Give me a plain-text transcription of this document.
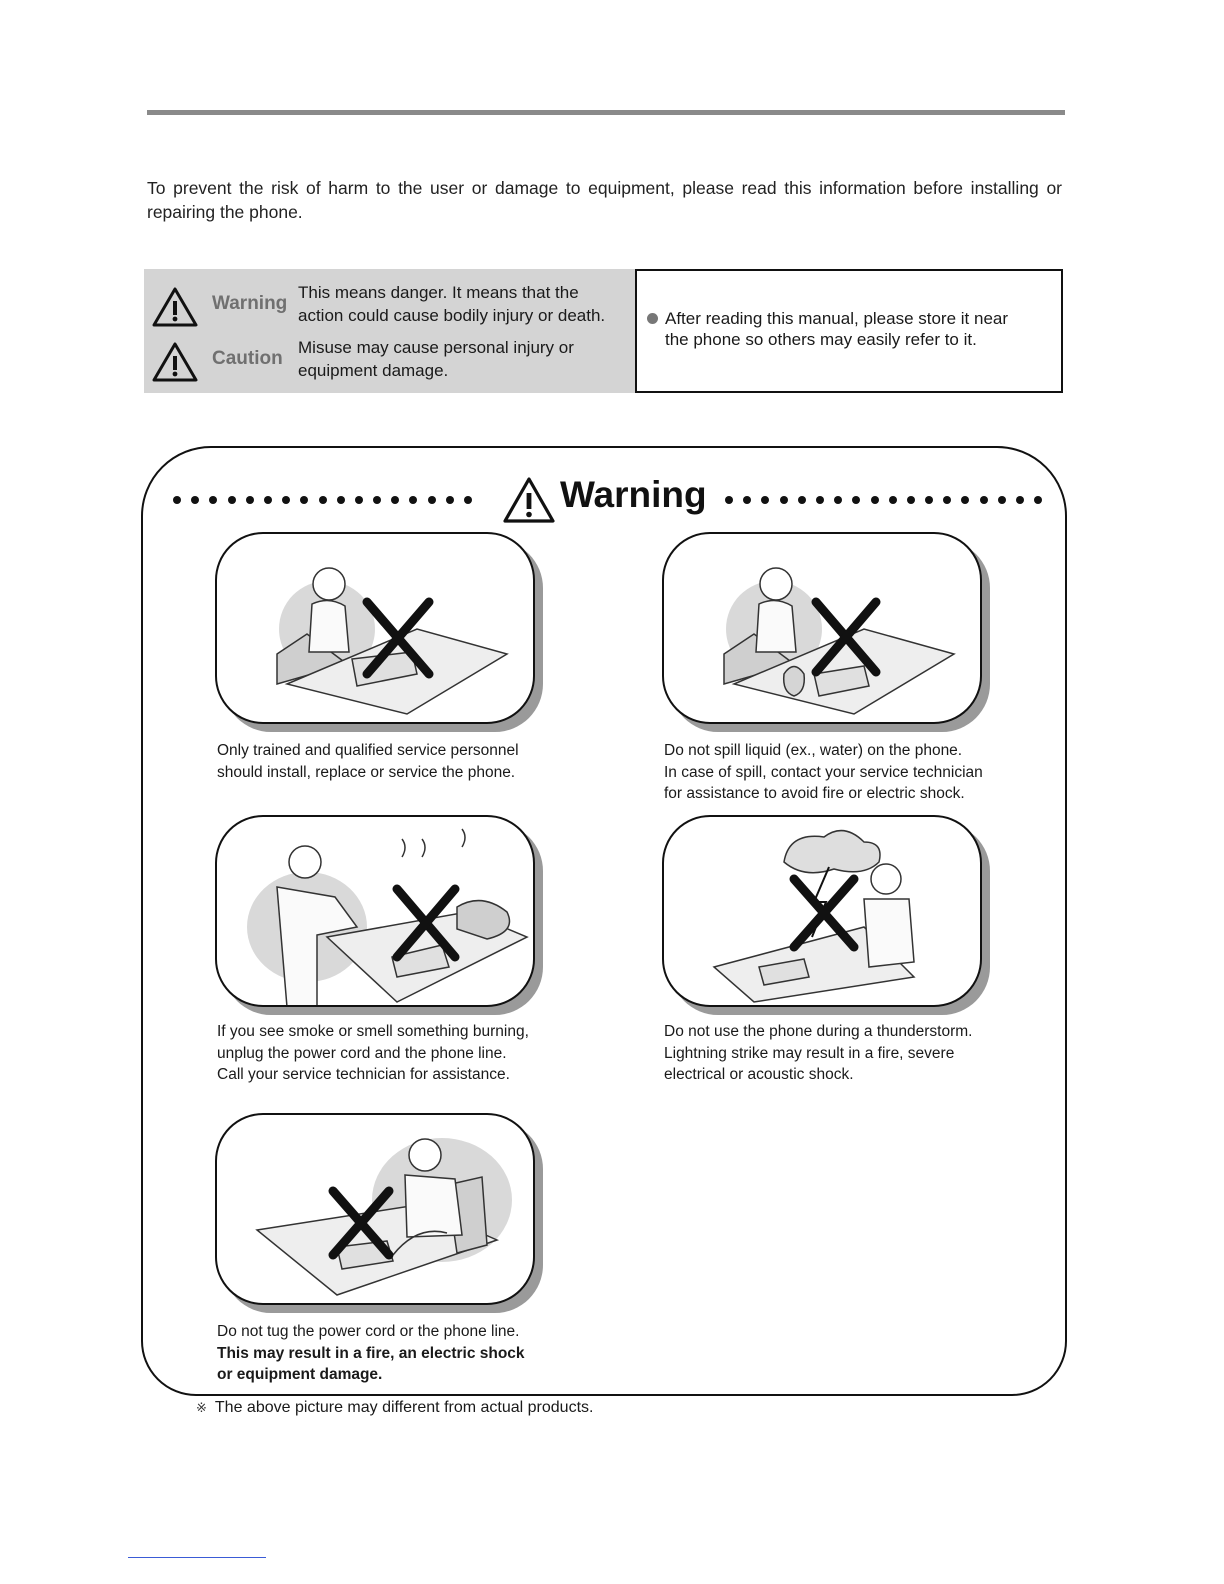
To prevent the risk of harm to the user or damage to equipment, please read this information before installing or repairing the phone.

Warning
This means danger. It means that the
action could cause bodily injury or death.
Caution
Misuse may cause personal injury or
equipment damage.
After reading this manual, please store it near
the phone so others may easily refer to it.
Warning
Only trained and qualified service personnel
should install, replace or service the phone.
Do not spill liquid (ex., water) on the phone.
In case of spill, contact your service technician
for assistance to avoid fire or electric shock.
If you see smoke or smell something burning,
unplug the power cord and the phone line.
Call your service technician for assistance.
Do not use the phone during a thunderstorm.
Lightning strike may result in a fire, severe
electrical or acoustic shock.
Do not tug the power cord or the phone line.
This may result in a fire, an electric shock
or equipment damage.
※ The above picture may different from actual products.
